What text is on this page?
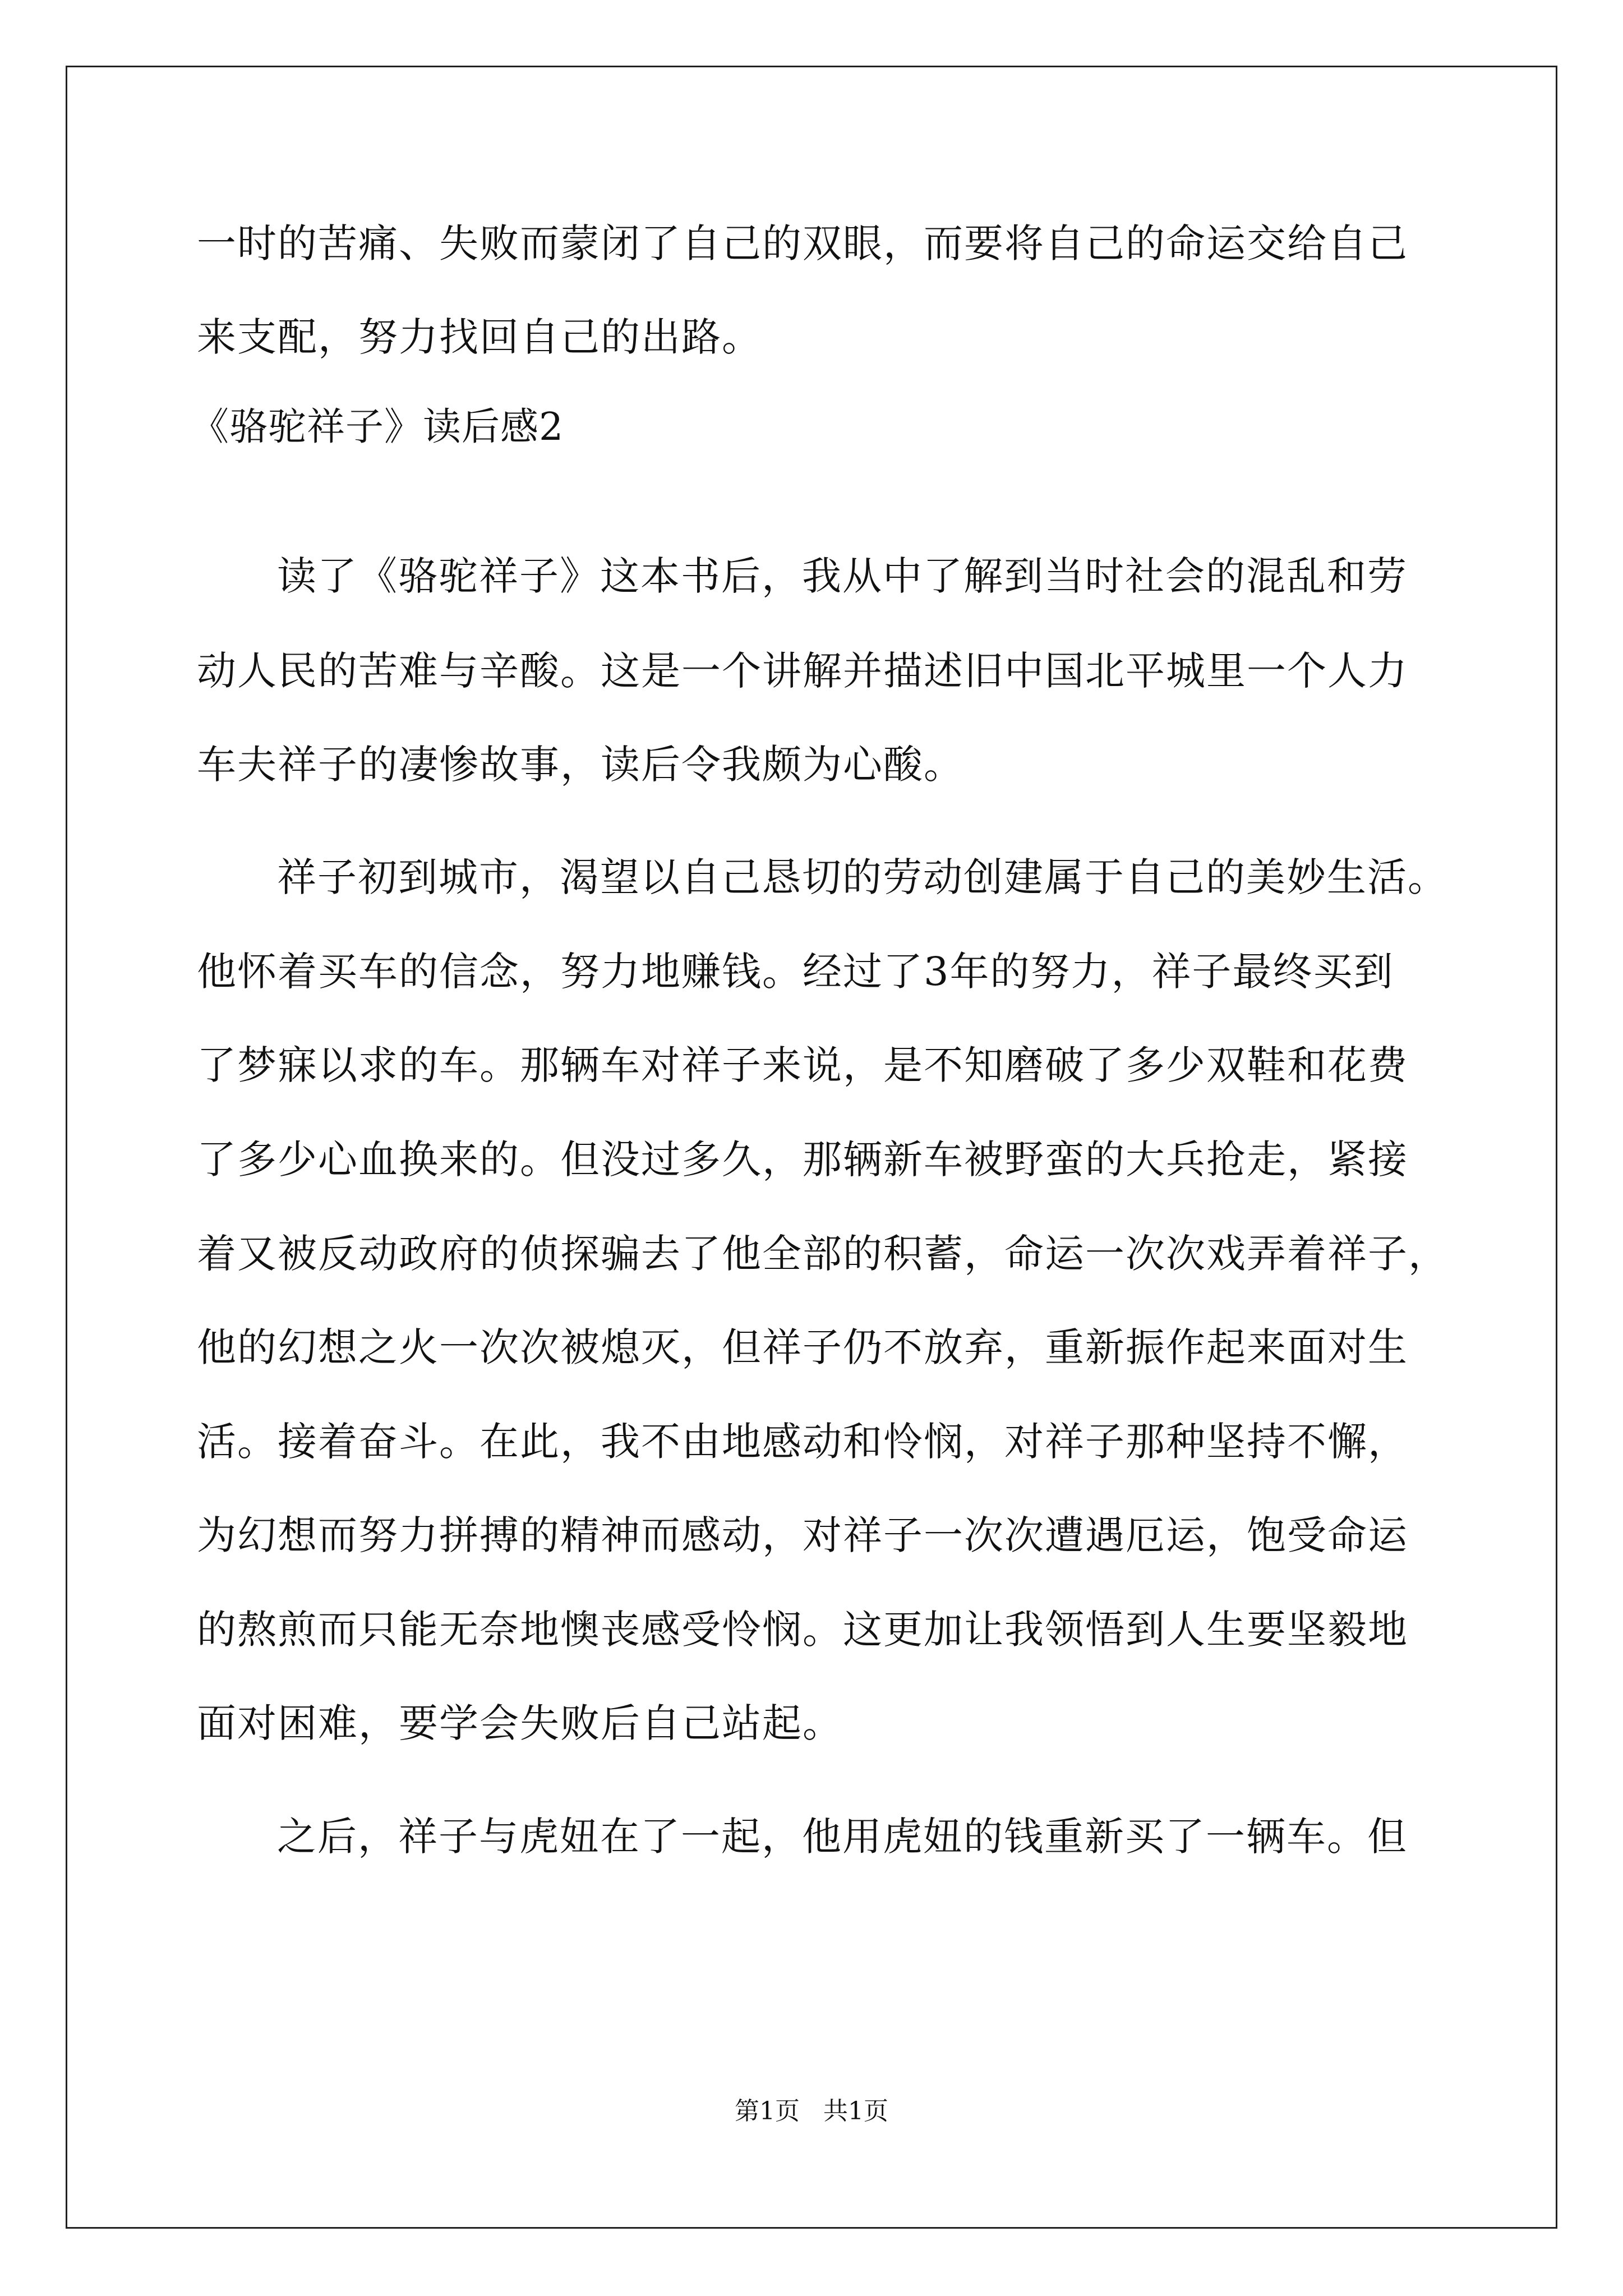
一时的苦痛、失败而蒙闭了自己的双眼，而要将自己的命运交给自己
来支配，努力找回自己的出路。
《骆驼祥子》读后感2
读了《骆驼祥子》这本书后，我从中了解到当时社会的混乱和劳
动人民的苦难与辛酸。这是一个讲解并描述旧中国北平城里一个人力
车夫祥子的凄惨故事，读后令我颇为心酸。
祥子初到城市，渴望以自己恳切的劳动创建属于自己的美妙生活。
他怀着买车的信念，努力地赚钱。经过了3年的努力，祥子最终买到
了梦寐以求的车。那辆车对祥子来说，是不知磨破了多少双鞋和花费
了多少心血换来的。但没过多久，那辆新车被野蛮的大兵抢走，紧接
着又被反动政府的侦探骗去了他全部的积蓄，命运一次次戏弄着祥子，
他的幻想之火一次次被熄灭，但祥子仍不放弃，重新振作起来面对生
活。接着奋斗。在此，我不由地感动和怜悯，对祥子那种坚持不懈，
为幻想而努力拼搏的精神而感动，对祥子一次次遭遇厄运，饱受命运
的熬煎而只能无奈地懊丧感受怜悯。这更加让我领悟到人生要坚毅地
面对困难，要学会失败后自己站起。
之后，祥子与虎妞在了一起，他用虎妞的钱重新买了一辆车。但
第1页 共1页
